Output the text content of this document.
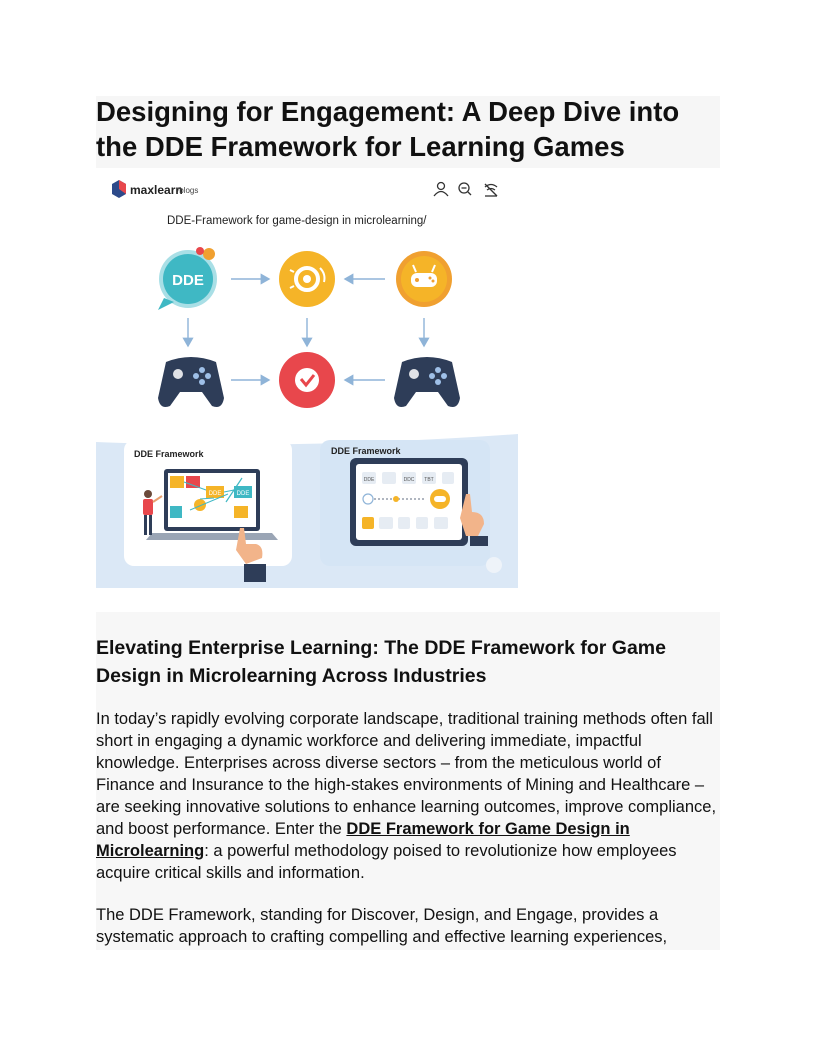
Designing for Engagement: A Deep Dive into the DDE Framework for Learning Games
maxlearn
/blogs
DDE-Framework for game-design in microlearning/
DDE
DDE Framework
DDE	DDE
DDE Framework
DDE	DDC TBT
Elevating Enterprise Learning: The DDE Framework for Game Design in Microlearning Across Industries

In today’s rapidly evolving corporate landscape, traditional training methods often fall short in engaging a dynamic workforce and delivering immediate, impactful knowledge. Enterprises across diverse sectors – from the meticulous world of Finance and Insurance to the high-stakes environments of Mining and Healthcare – are seeking innovative solutions to enhance learning outcomes, improve compliance, and boost performance. Enter the DDE Framework for Game Design in Microlearning: a powerful methodology poised to revolutionize how employees acquire critical skills and information.

The DDE Framework, standing for Discover, Design, and Engage, provides a systematic approach to crafting compelling and effective learning experiences,
